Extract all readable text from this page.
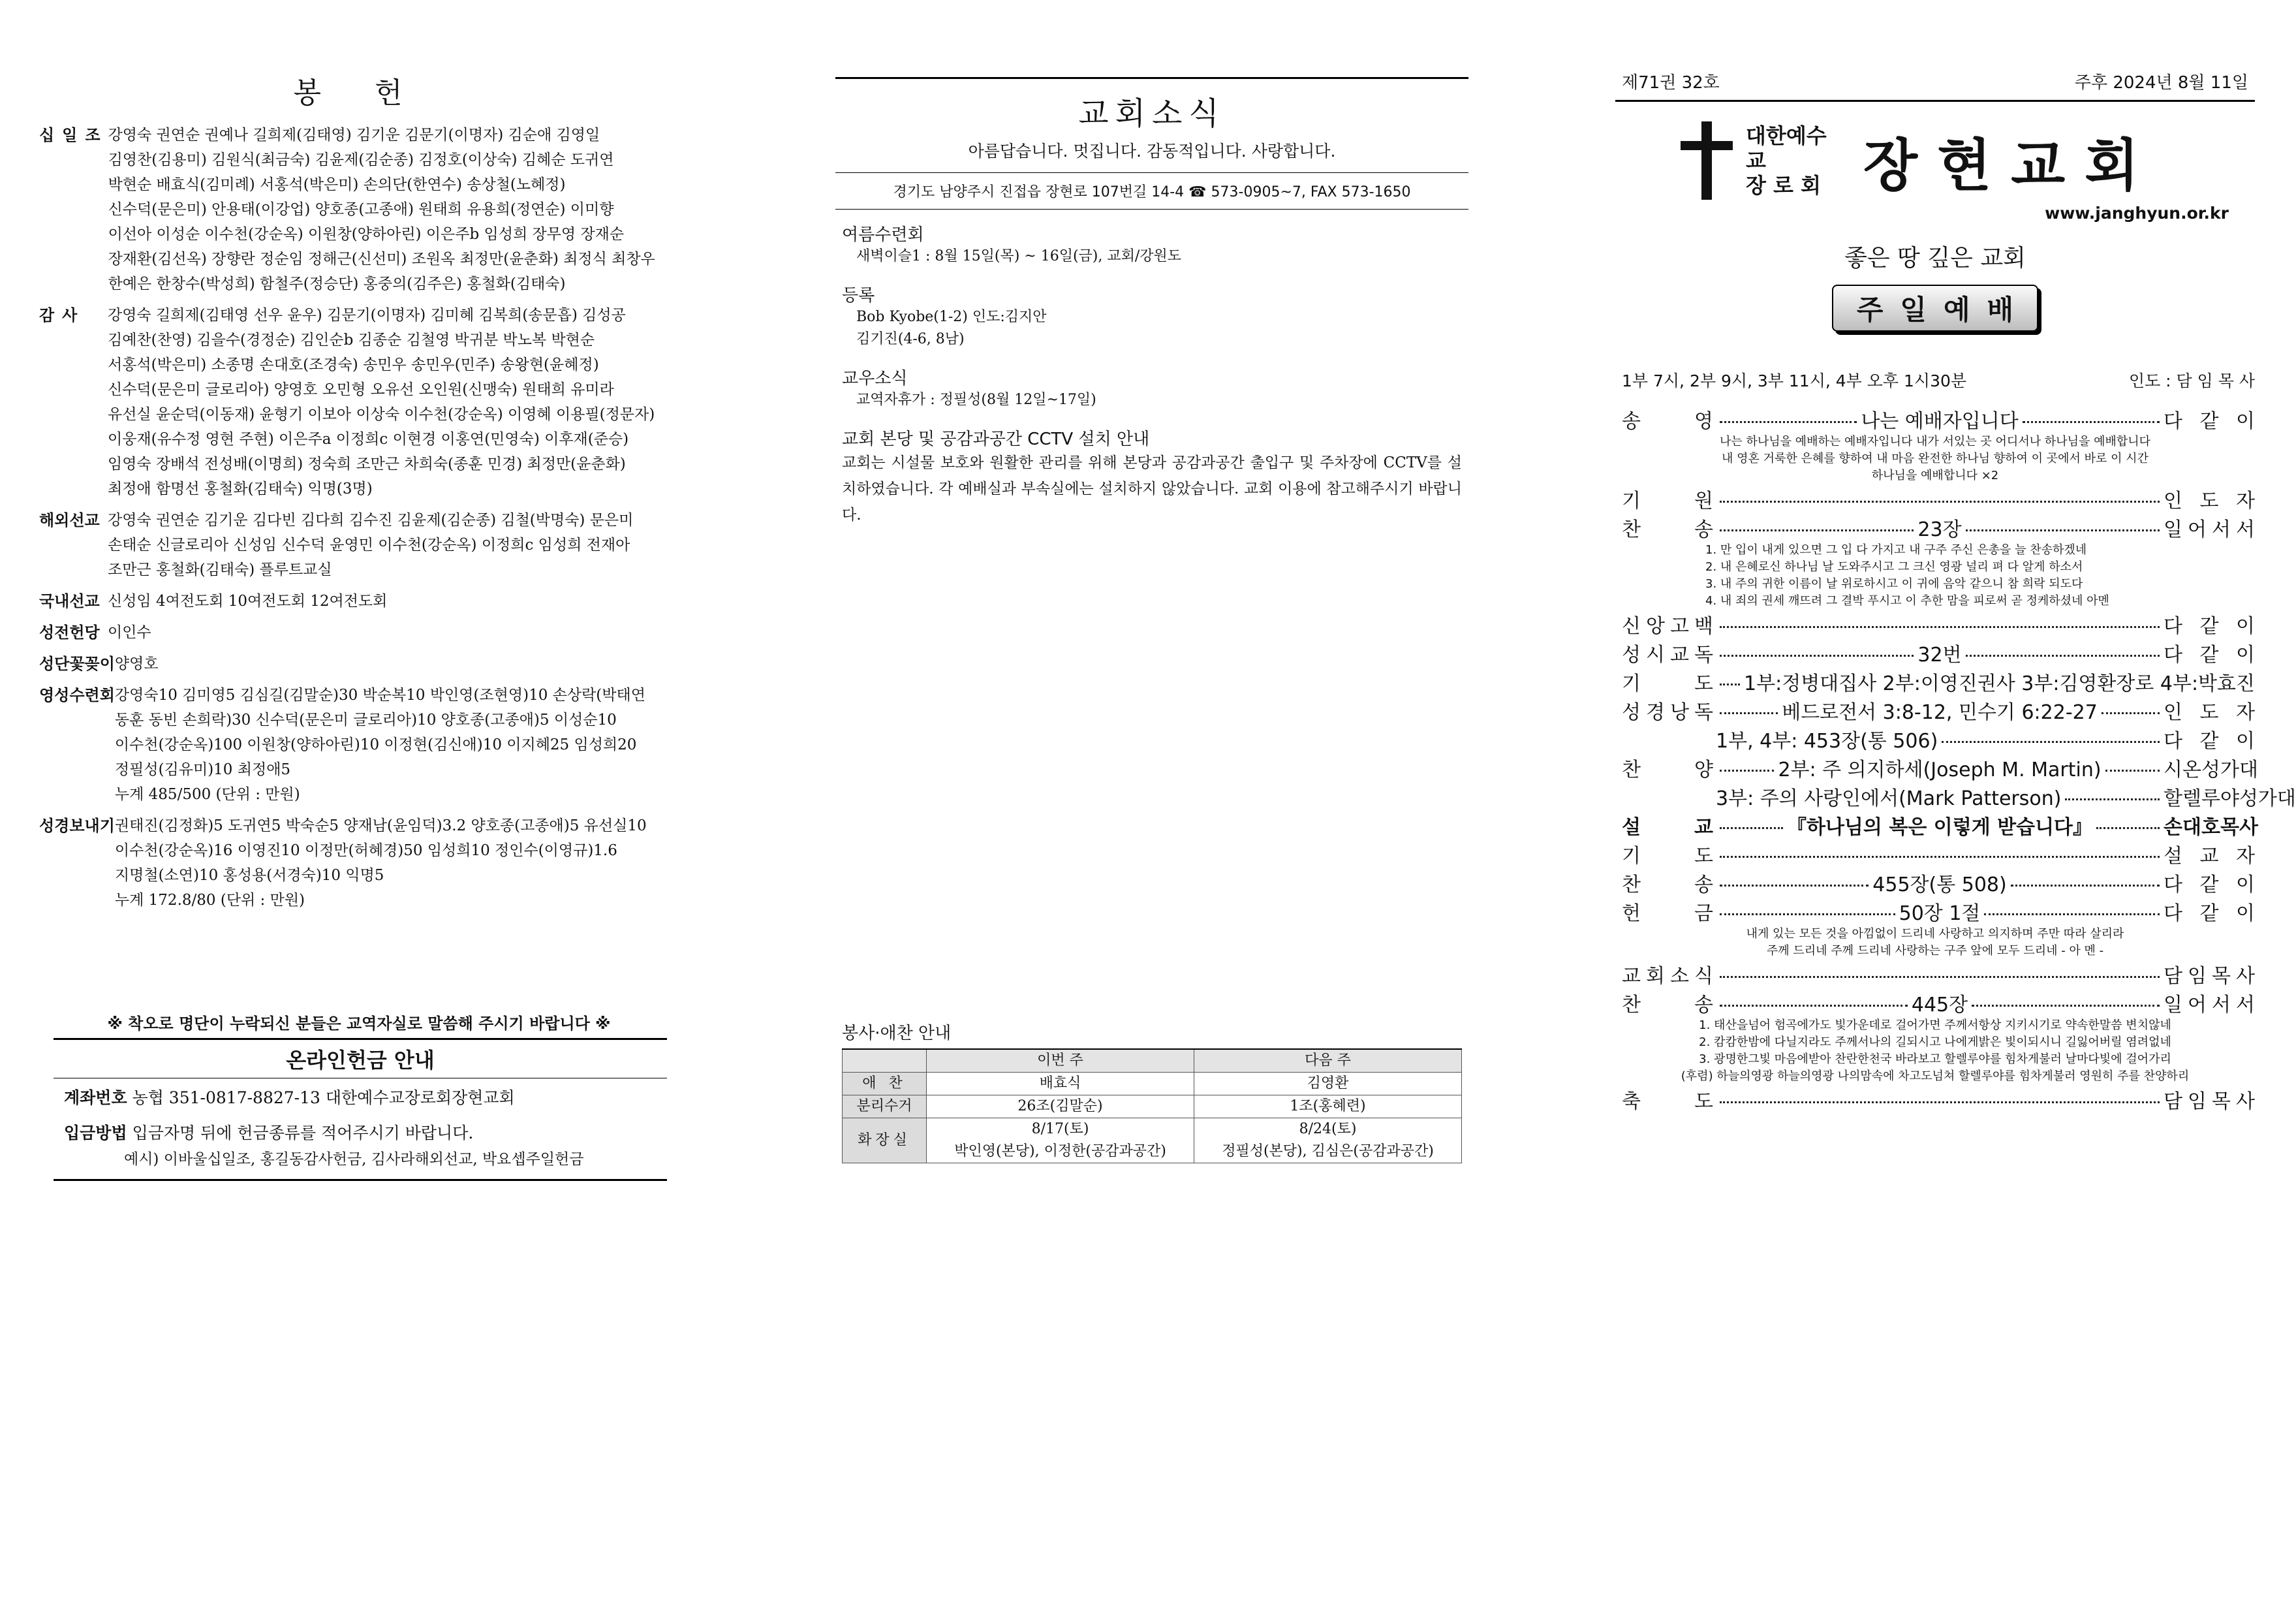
봉 헌
십일조 강영숙 권연순 권예나 길희제(김태영) 김기운 김문기(이명자) 김순애 김영일
김영찬(김용미) 김원식(최금숙) 김윤제(김순종) 김정호(이상숙) 김혜순 도귀연
박현순 배효식(김미례) 서홍석(박은미) 손의단(한연수) 송상철(노혜정)
신수덕(문은미) 안용태(이강업) 양호종(고종애) 원태희 유용희(정연순) 이미향
이선아 이성순 이수천(강순옥) 이원창(양하아린) 이은주b 임성희 장무영 장재순
장재환(김선옥) 장향란 정순임 정해근(신선미) 조원옥 최정만(윤춘화) 최정식 최창우
한예은 한창수(박성희) 함철주(정승단) 홍중의(김주은) 홍철화(김태숙)
감사	강영숙 길희제(김태영 선우 윤우) 김문기(이명자) 김미혜 김복희(송문흡) 김성공
김예찬(찬영) 김을수(경정순) 김인순b 김종순 김철영 박귀분 박노복 박현순
서홍석(박은미) 소종명 손대호(조경숙) 송민우 송민우(민주) 송왕현(윤혜정)
신수덕(문은미 글로리아) 양영호 오민형 오유선 오인원(신맹숙) 원태희 유미라
유선실 윤순덕(이동재) 윤형기 이보아 이상숙 이수천(강순옥) 이영혜 이용필(정문자)
이웅재(유수정 영현 주현) 이은주a 이정희c 이현경 이홍연(민영숙) 이후재(준승)
임영숙 장배석 전성배(이명희) 정숙희 조만근 차희숙(종훈 민경) 최정만(윤춘화)
최정애 함명선 홍철화(김태숙) 익명(3명)
해외선교 강영숙 권연순 김기운 김다빈 김다희 김수진 김윤제(김순종) 김철(박명숙) 문은미
손태순 신글로리아 신성임 신수덕 윤영민 이수천(강순옥) 이정희c 임성희 전재아
조만근 홍철화(김태숙) 플루트교실
국내선교 신성임 4여전도회 10여전도회 12여전도회
성전헌당 이인수
성단꽃꽂이 양영호
영성수련회 강영숙10 김미영5 김심길(김말순)30 박순복10 박인영(조현영)10 손상락(박태연
동훈 동빈 손희락)30 신수덕(문은미 글로리아)10 양호종(고종애)5 이성순10
이수천(강순옥)100 이원창(양하아린)10 이정현(김신애)10 이지혜25 임성희20
정필성(김유미)10 최정애5
누계 485/500 (단위 : 만원)
성경보내기 권태진(김정화)5 도귀연5 박숙순5 양재남(윤임덕)3.2 양호종(고종애)5 유선실10
이수천(강순옥)16 이영진10 이정만(허혜경)50 임성희10 정인수(이영규)1.6
지명철(소연)10 홍성용(서경숙)10 익명5
누계 172.8/80 (단위 : 만원)
※ 착오로 명단이 누락되신 분들은 교역자실로 말씀해 주시기 바랍니다 ※
온라인헌금 안내
계좌번호 농협 351-0817-8827-13 대한예수교장로회장현교회
입금방법 입금자명 뒤에 헌금종류를 적어주시기 바랍니다.
예시) 이바울십일조, 홍길동감사헌금, 김사라해외선교, 박요셉주일헌금
교회소식
아름답습니다. 멋집니다. 감동적입니다. 사랑합니다.
경기도 남양주시 진접읍 장현로 107번길 14-4 ☎ 573-0905~7, FAX 573-1650
여름수련회
새벽이슬1 : 8월 15일(목) ~ 16일(금), 교회/강원도
등록
Bob Kyobe(1-2) 인도:김지안
김기진(4-6, 8남)
교우소식
교역자휴가 : 정필성(8월 12일~17일)
교회 본당 및 공감과공간 CCTV 설치 안내
교회는 시설물 보호와 원활한 관리를 위해 본당과 공감과공간 출입구 및 주차장에 CCTV를 설치하였습니다. 각 예배실과 부속실에는 설치하지 않았습니다. 교회 이용에 참고해주시기 바랍니다.
봉사·애찬 안내
	이번 주	다음 주
애 찬	배효식	김영환
분리수거	26조(김말순)	1조(홍혜련)
화장실	8/17(토)	8/24(토)
	박인영(본당), 이정한(공감과공간)	정필성(본당), 김심은(공감과공간)
제71권 32호	주후 2024년 8월 11일
대한예수교
장 로 회 장현교회
www.janghyun.or.kr
좋은 땅 깊은 교회
주일예배
1부 7시, 2부 9시, 3부 11시, 4부 오후 1시30분	인도 : 담 임 목 사
송	영	나는 예배자입니다	다 같 이
나는 하나님을 예배하는 예배자입니다 내가 서있는 곳 어디서나 하나님을 예배합니다
내 영혼 거룩한 은혜를 향하여 내 마음 완전한 하나님 향하여 이 곳에서 바로 이 시간
하나님을 예배합니다 ×2
기	원	인 도 자
찬	송	23장	일 어 서 서
1. 만 입이 내게 있으면 그 입 다 가지고 내 구주 주신 은총을 늘 찬송하겠네
2. 내 은혜로신 하나님 날 도와주시고 그 크신 영광 널리 펴 다 알게 하소서
3. 내 주의 귀한 이름이 날 위로하시고 이 귀에 음악 같으니 참 희락 되도다
4. 내 죄의 권세 깨뜨려 그 결박 푸시고 이 추한 맘을 피로써 곧 정케하셨네 아멘
신 앙 고 백	다 같 이
성 시 교 독	32번	다 같 이
기	도 1부:정병대집사 2부:이영진권사 3부:김영환장로 4부:박효진
성 경 낭 독	베드로전서 3:8-12, 민수기 6:22-27	인 도 자
1부, 4부: 453장(통 506)	다 같 이
찬	양	2부: 주 의지하세(Joseph M. Martin)	시 온 성 가 대
3부: 주의 사랑인에서(Mark Patterson)	할 렐 루 야 성 가 대
설	교	『하나님의 복은 이렇게 받습니다』	손 대 호 목 사
기	도	설 교 자
찬	송	455장(통 508)	다 같 이
헌	금	50장 1절	다 같 이
내게 있는 모든 것을 아낌없이 드리네 사랑하고 의지하며 주만 따라 살리라
주께 드리네 주께 드리네 사랑하는 구주 앞에 모두 드리네 - 아 멘 -
교 회 소 식	담 임 목 사
찬	송	445장	일 어 서 서
1. 태산을넘어 험곡에가도 빛가운데로 걸어가면 주께서항상 지키시기로 약속한말씀 변치않네
2. 캄캄한밤에 다닐지라도 주께서나의 길되시고 나에게밝은 빛이되시니 길잃어버릴 염려없네
3. 광명한그빛 마음에받아 찬란한천국 바라보고 할렐루야를 힘차게불러 날마다빛에 걸어가리
(후렴) 하늘의영광 하늘의영광 나의맘속에 차고도넘쳐 할렐루야를 힘차게불러 영원히 주를 찬양하리
축	도	담 임 목 사
